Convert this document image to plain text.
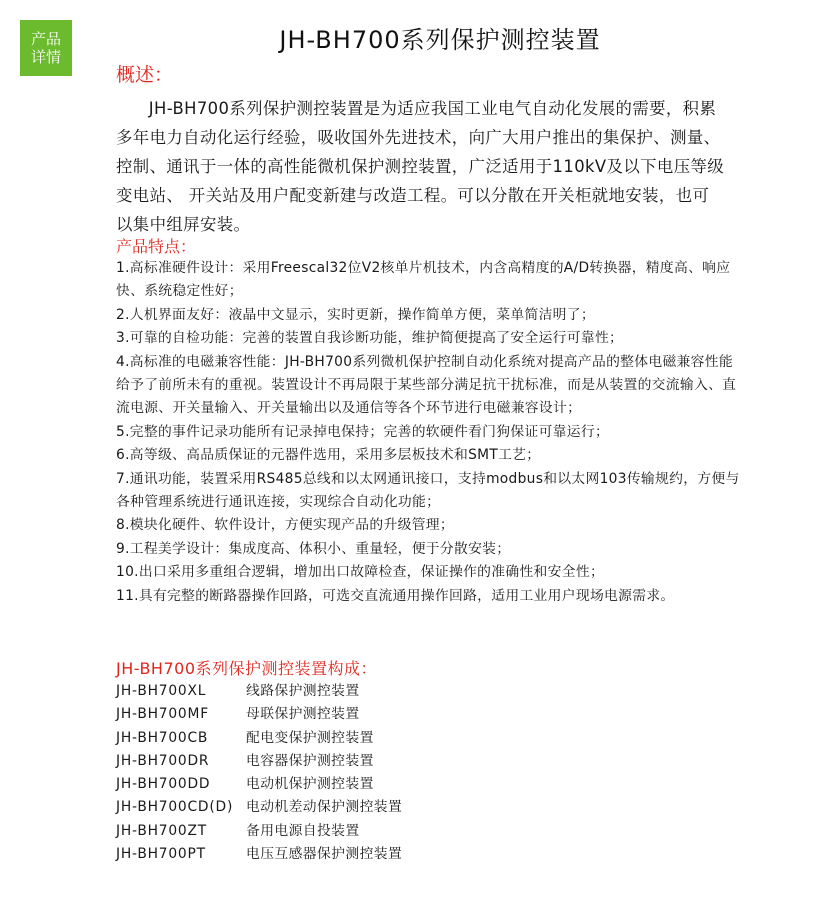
产品
详情
JH-BH700系列保护测控装置
概述：

JH-BH700系列保护测控装置是为适应我国工业电气自动化发展的需要，积累多年电力自动化运行经验，吸收国外先进技术，向广大用户推出的集保护、测量、控制、通讯于一体的高性能微机保护测控装置，广泛适用于110kV及以下电压等级变电站、 开关站及用户配变新建与改造工程。可以分散在开关柜就地安装，也可以集中组屏安装。

产品特点：
1.高标准硬件设计：采用Freescal32位V2核单片机技术，内含高精度的A/D转换器，精度高、响应快、系统稳定性好；
2.人机界面友好：液晶中文显示，实时更新，操作简单方便，菜单简洁明了；
3.可靠的自检功能：完善的装置自我诊断功能，维护简便提高了安全运行可靠性；
4.高标准的电磁兼容性能：JH-BH700系列微机保护控制自动化系统对提高产品的整体电磁兼容性能给予了前所未有的重视。装置设计不再局限于某些部分满足抗干扰标准，而是从装置的交流输入、直流电源、开关量输入、开关量输出以及通信等各个环节进行电磁兼容设计；
5.完整的事件记录功能所有记录掉电保持；完善的软硬件看门狗保证可靠运行；
6.高等级、高品质保证的元器件选用，采用多层板技术和SMT工艺；
7.通讯功能，装置采用RS485总线和以太网通讯接口，支持modbus和以太网103传输规约，方便与各种管理系统进行通讯连接，实现综合自动化功能；
8.模块化硬件、软件设计，方便实现产品的升级管理；
9.工程美学设计：集成度高、体积小、重量轻，便于分散安装；
10.出口采用多重组合逻辑，增加出口故障检查，保证操作的准确性和安全性；
11.具有完整的断路器操作回路，可选交直流通用操作回路，适用工业用户现场电源需求。
JH-BH700系列保护测控装置构成：
JH-BH700XL	线路保护测控装置
JH-BH700MF	母联保护测控装置
JH-BH700CB	配电变保护测控装置
JH-BH700DR	电容器保护测控装置
JH-BH700DD	电动机保护测控装置
JH-BH700CD(D) 电动机差动保护测控装置
JH-BH700ZT	备用电源自投装置
JH-BH700PT	电压互感器保护测控装置
